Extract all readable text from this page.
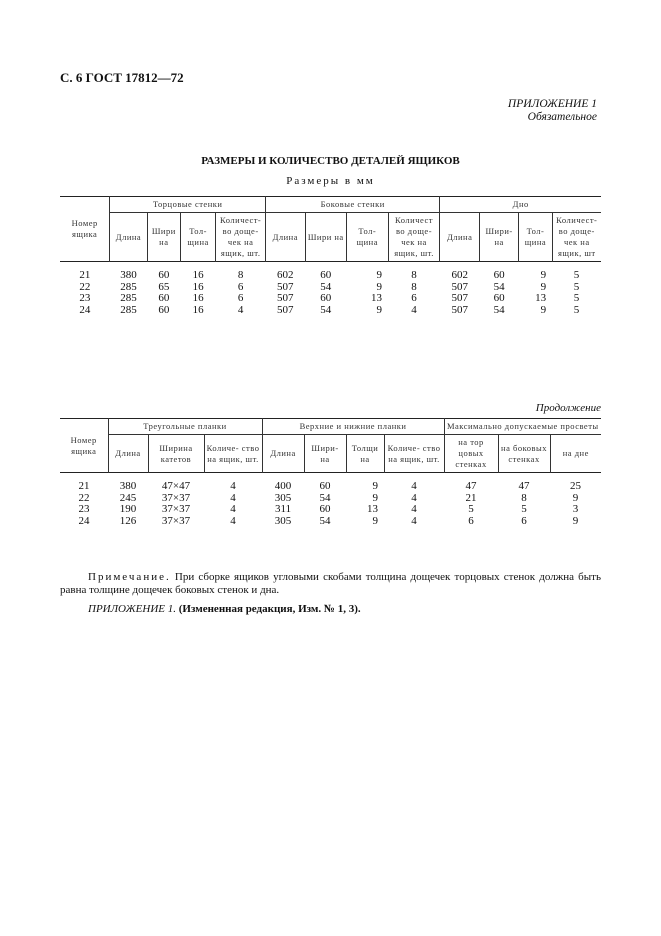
С. 6 ГОСТ 17812—72
ПРИЛОЖЕНИЕ 1
Обязательное
РАЗМЕРЫ И КОЛИЧЕСТВО ДЕТАЛЕЙ ЯЩИКОВ
Размеры в мм
Номер ящика	Торцовые стенки				Боковые стенки				Дно			
	Длина	Шири на	Тол- щина	Количест- во доще- чек на ящик, шт.	Длина	Шири на	Тол- щина	Количест во доще- чек на ящик, шт.	Длина	Шири- на	Тол- щина	Количест- во доще- чек на ящик, шт

21	380	60	16	8	602	60	9	8	602	60	9	5
22	285	65	16	6	507	54	9	8	507	54	9	5
23	285	60	16	6	507	60	13	6	507	60	13	5
24	285	60	16	4	507	54	9	4	507	54	9	5
Продолжение
Номер ящика	Треугольные планки			Верхние и нижние планки				Максимально допускаемые просветы		
	Длина	Ширина катетов	Количе- ство на ящик, шт.	Длина	Шири- на	Толщи на	Количе- ство на ящик, шт.	на тор цовых стенках	на боковых стенках	на дне

21	380	47×47	4	400	60	9	4	47	47	25
22	245	37×37	4	305	54	9	4	21	8	9
23	190	37×37	4	311	60	13	4	5	5	3
24	126	37×37	4	305	54	9	4	6	6	9
Примечание. При сборке ящиков угловыми скобами толщина дощечек торцовых стенок должна быть равна толщине дощечек боковых стенок и дна.
ПРИЛОЖЕНИЕ 1. (Измененная редакция, Изм. № 1, 3).
